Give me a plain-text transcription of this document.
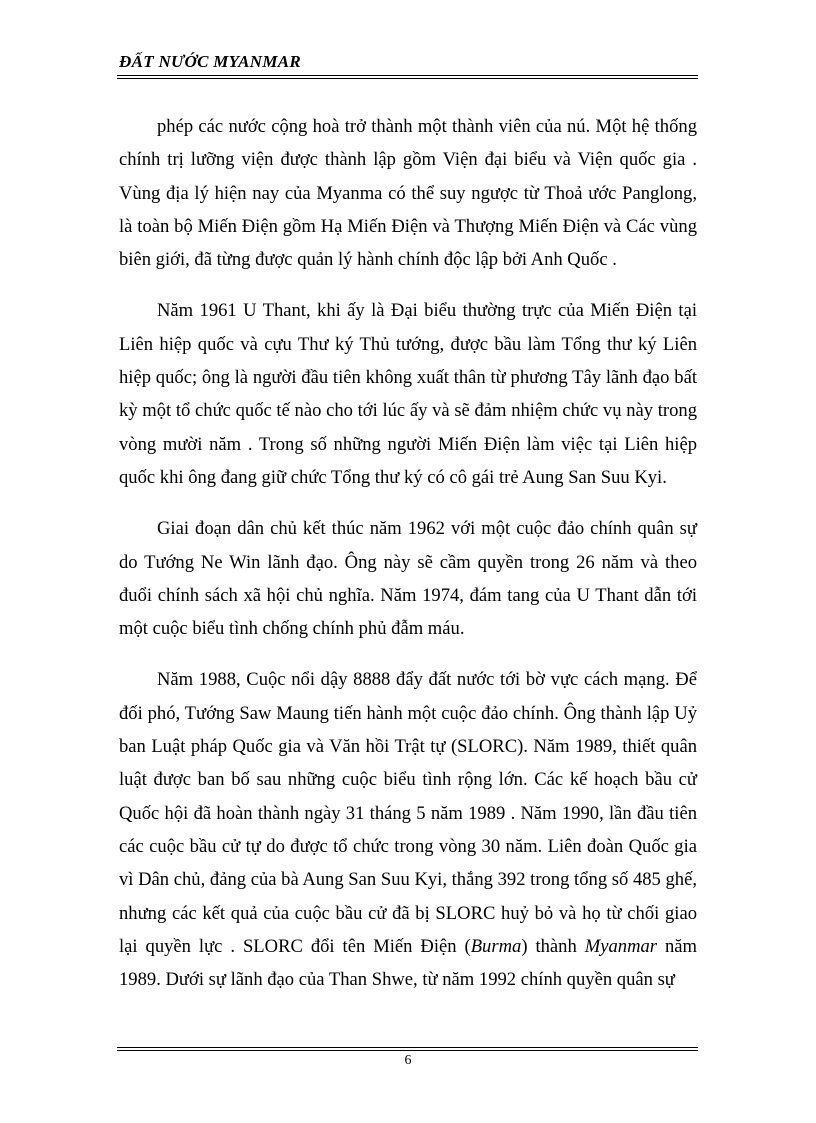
ĐẤT NƯỚC MYANMAR

phép các nước cộng hoà trở thành một thành viên của nú. Một hệ thống chính trị lưỡng viện được thành lập gồm Viện đại biểu và Viện quốc gia . Vùng địa lý hiện nay của Myanma có thể suy ngược từ Thoả ước Panglong, là toàn bộ Miến Điện gồm Hạ Miến Điện và Thượng Miến Điện và Các vùng biên giới, đã từng được quản lý hành chính độc lập bởi Anh Quốc .

Năm 1961 U Thant, khi ấy là Đại biểu thường trực của Miến Điện tại Liên hiệp quốc và cựu Thư ký Thủ tướng, được bầu làm Tổng thư ký Liên hiệp quốc; ông là người đầu tiên không xuất thân từ phương Tây lãnh đạo bất kỳ một tổ chức quốc tế nào cho tới lúc ấy và sẽ đảm nhiệm chức vụ này trong vòng mười năm . Trong số những người Miến Điện làm việc tại Liên hiệp quốc khi ông đang giữ chức Tổng thư ký có cô gái trẻ Aung San Suu Kyi.

Giai đoạn dân chủ kết thúc năm 1962 với một cuộc đảo chính quân sự do Tướng Ne Win lãnh đạo. Ông này sẽ cầm quyền trong 26 năm và theo đuổi chính sách xã hội chủ nghĩa. Năm 1974, đám tang của U Thant dẫn tới một cuộc biểu tình chống chính phủ đẫm máu.

Năm 1988, Cuộc nổi dậy 8888 đẩy đất nước tới bờ vực cách mạng. Để đối phó, Tướng Saw Maung tiến hành một cuộc đảo chính. Ông thành lập Uỷ ban Luật pháp Quốc gia và Văn hồi Trật tự (SLORC). Năm 1989, thiết quân luật được ban bố sau những cuộc biểu tình rộng lớn. Các kế hoạch bầu cử Quốc hội đã hoàn thành ngày 31 tháng 5 năm 1989 . Năm 1990, lần đầu tiên các cuộc bầu cử tự do được tổ chức trong vòng 30 năm. Liên đoàn Quốc gia vì Dân chủ, đảng của bà Aung San Suu Kyi, thắng 392 trong tổng số 485 ghế, nhưng các kết quả của cuộc bầu cử đã bị SLORC huỷ bỏ và họ từ chối giao lại quyền lực . SLORC đổi tên Miến Điện (Burma) thành Myanmar năm 1989. Dưới sự lãnh đạo của Than Shwe, từ năm 1992 chính quyền quân sự

6
